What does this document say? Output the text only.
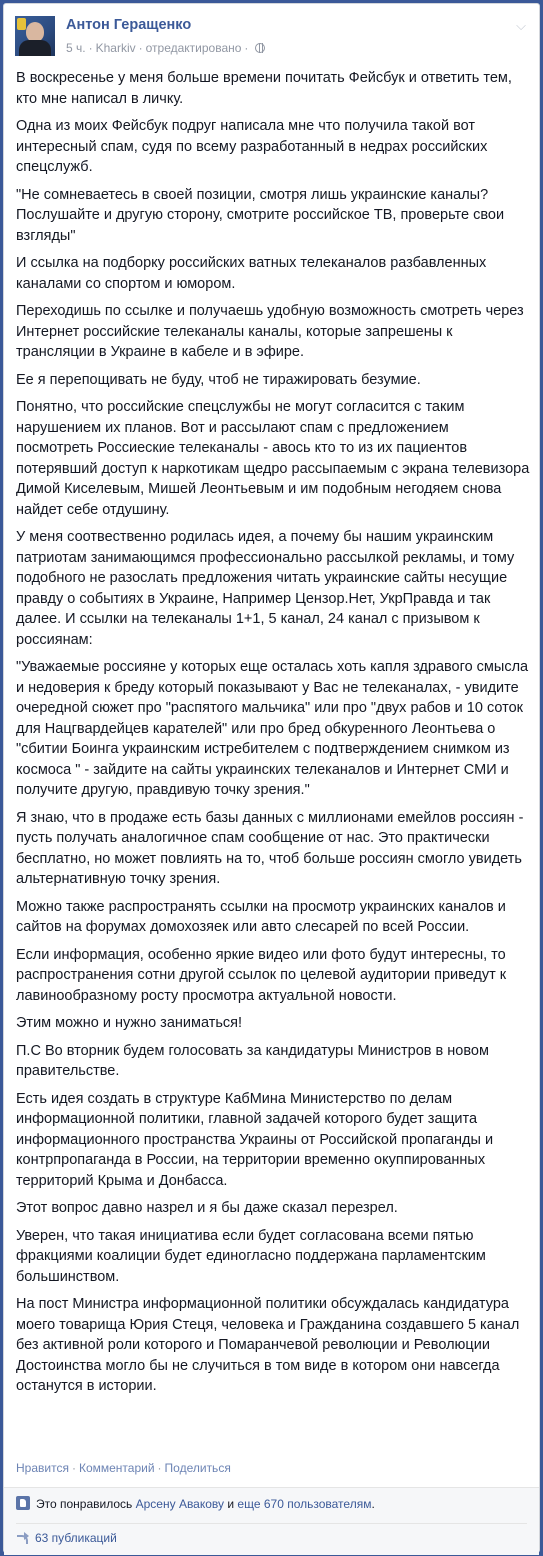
Антон Геращенко
5 ч. · Kharkiv · отредактировано ·
⌵

В воскресенье у меня больше времени почитать Фейсбук и ответить тем, кто мне написал в личку.

Одна из моих Фейсбук подруг написала мне что получила такой вот интересный спам, судя по всему разработанный в недрах российских спецслужб.

"Не сомневаетесь в своей позиции, смотря лишь украинские каналы? Послушайте и другую сторону, смотрите российское ТВ, проверьте свои взгляды"

И ссылка на подборку российских ватных телеканалов разбавленных каналами со спортом и юмором.

Переходишь по ссылке и получаешь удобную возможность смотреть через Интернет российские телеканалы каналы, которые запрешены к трансляции в Украине в кабеле и в эфире.

Ее я перепощивать не буду, чтоб не тиражировать безумие.

Понятно, что российские спецслужбы не могут согласится с таким нарушением их планов. Вот и рассылают спам с предложением посмотреть Россиеские телеканалы - авось кто то из их пациентов потерявший доступ к наркотикам щедро рассыпаемым с экрана телевизора Димой Киселевым, Мишей Леонтьевым и им подобным негодяем снова найдет себе отдушину.

У меня соотвественно родилась идея, а почему бы нашим украинским патриотам занимающимся профессионально рассылкой рекламы, и тому подобного не разослать предложения читать украинские сайты несущие правду о событиях в Украине, Например Цензор.Нет, УкрПравда и так далее. И ссылки на телеканалы 1+1, 5 канал, 24 канал с призывом к россиянам:

"Уважаемые россияне у которых еще осталась хоть капля здравого смысла и недоверия к бреду который показывают у Вас не телеканалах, - увидите очередной сюжет про "распятого мальчика" или про "двух рабов и 10 соток для Нацгвардейцев карателей" или про бред обкуренного Леонтьева о "сбитии Боинга украинским истребителем с подтверждением снимком из космоса " - зайдите на сайты украинских телеканалов и Интернет СМИ и получите другую, правдивую точку зрения."

Я знаю, что в продаже есть базы данных с миллионами емейлов россиян - пусть получать аналогичное спам сообщение от нас. Это практически бесплатно, но может повлиять на то, чтоб больше россиян смогло увидеть альтернативную точку зрения.

Можно также распространять ссылки на просмотр украинских каналов и сайтов на форумах домохозяек или авто слесарей по всей России.

Если информация, особенно яркие видео или фото будут интересны, то распространения сотни другой ссылок по целевой аудитории приведут к лавинообразному росту просмотра актуальной новости.

Этим можно и нужно заниматься!

П.С Во вторник будем голосовать за кандидатуры Министров в новом правительстве.

Есть идея создать в структуре КабМина Министерство по делам информационной политики, главной задачей которого будет защита информационного пространства Украины от Российской пропаганды и контрпропаганда в России, на территории временно окуппированных территорий Крыма и Донбасса.

Этот вопрос давно назрел и я бы даже сказал перезрел.

Уверен, что такая инициатива если будет согласована всеми пятью фракциями коалиции будет единогласно поддержана парламентским большинством.

На пост Министра информационной политики обсуждалась кандидатура моего товарища Юрия Стеця, человека и Гражданина создавшего 5 канал без активной роли которого и Помаранчевой революции и Революции Достоинства могло бы не случиться в том виде в котором они навсегда останутся в истории.

Нравится · Комментарий · Поделиться
Это понравилось Арсену Авакову и еще 670 пользователям.
63 публикаций
